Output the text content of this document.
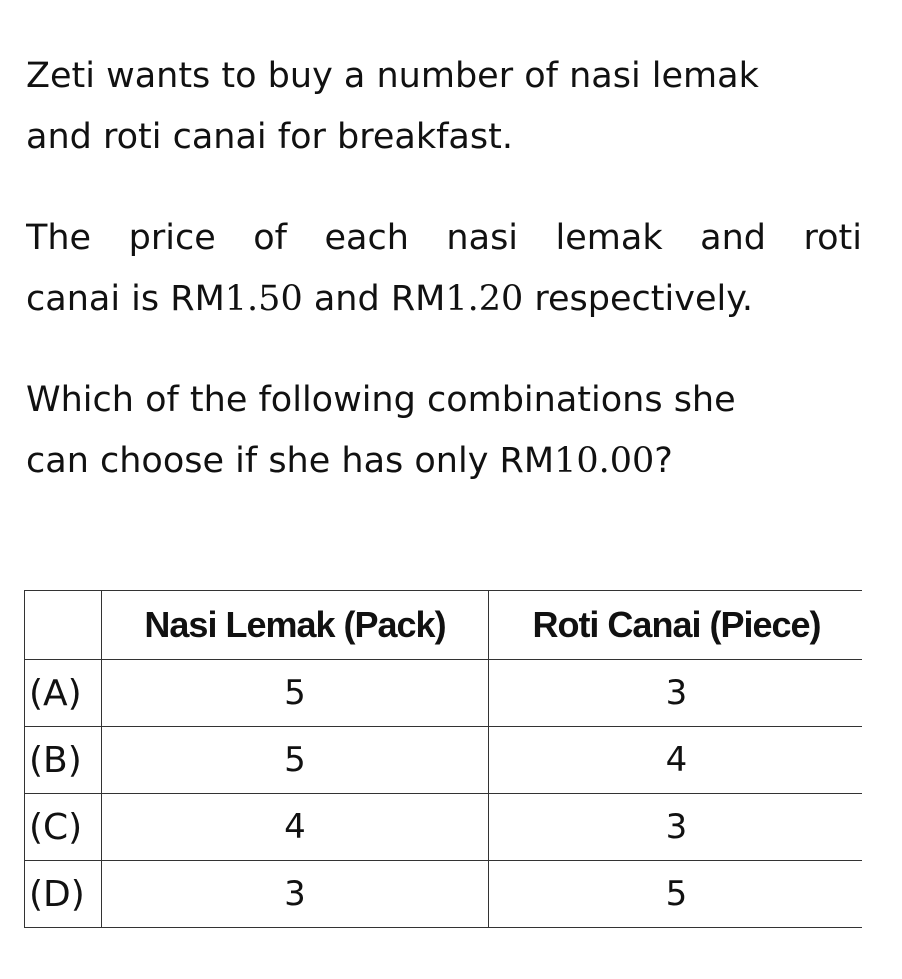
Zeti wants to buy a number of nasi lemak
and roti canai for breakfast.

The price of each nasi lemak and roti
canai is RM1.50 and RM1.20 respectively.

Which of the following combinations she
can choose if she has only RM10.00?

	Nasi Lemak (Pack)	Roti Canai (Piece)
(A)	5	3
(B)	5	4
(C)	4	3
(D)	3	5
